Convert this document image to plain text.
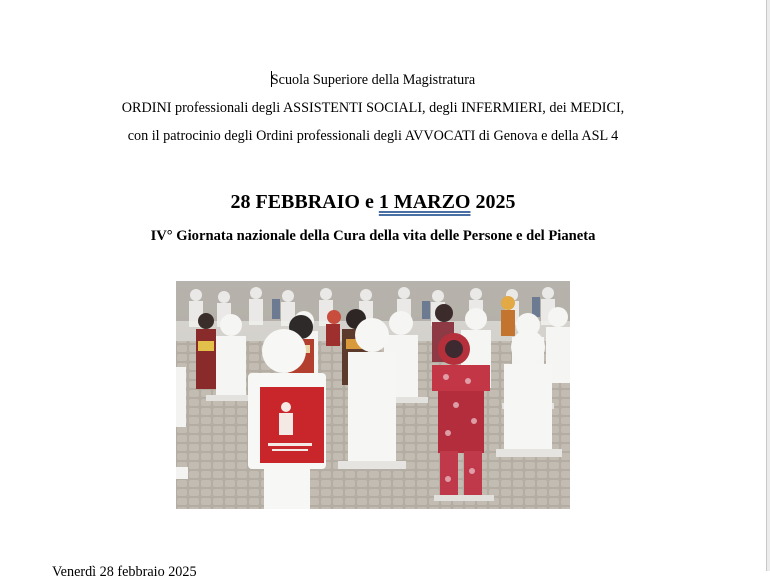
Scuola Superiore della Magistratura
ORDINI professionali degli ASSISTENTI SOCIALI, degli INFERMIERI, dei MEDICI,
con il patrocinio degli Ordini professionali degli AVVOCATI di Genova e della ASL 4
28 FEBBRAIO e 1 MARZO 2025
IV° Giornata nazionale della Cura della vita delle Persone e del Pianeta
Venerdì 28 febbraio 2025
